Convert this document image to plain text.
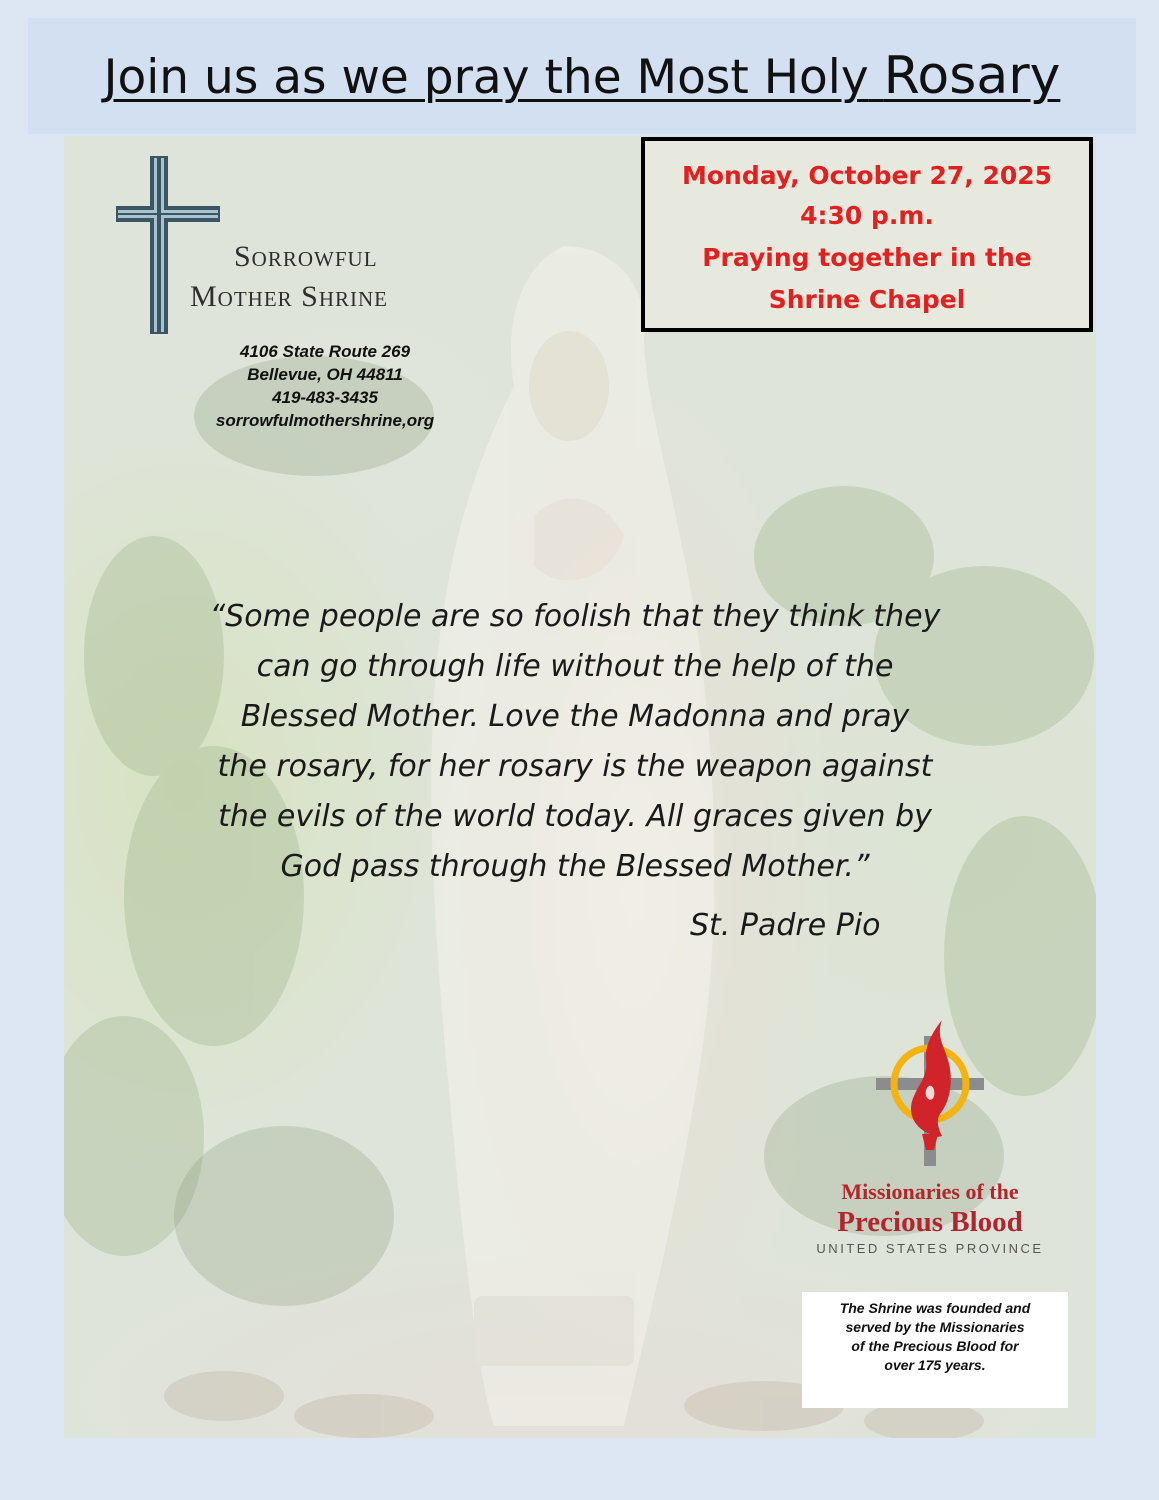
Join us as we pray the Most Holy Rosary
Monday, October 27, 2025
4:30 p.m.
Praying together in the
Shrine Chapel
Sorrowful
Mother Shrine
4106 State Route 269
Bellevue, OH 44811
419-483-3435
sorrowfulmothershrine,org
“Some people are so foolish that they think they
can go through life without the help of the
Blessed Mother. Love the Madonna and pray
the rosary, for her rosary is the weapon against
the evils of the world today. All graces given by
God pass through the Blessed Mother.”
St. Padre Pio
Missionaries of the
Precious Blood
UNITED STATES PROVINCE
The Shrine was founded and
served by the Missionaries
of the Precious Blood for
over 175 years.
